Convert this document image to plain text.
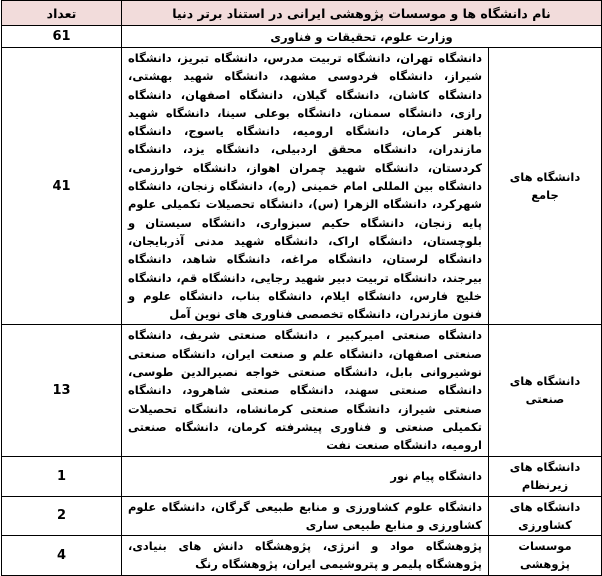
تعداد	نام دانشگاه ها و موسسات پژوهشی ایرانی در استناد برتر دنیا	
61	وزارت علوم، تحقیقات و فناوری	
41	دانشگاه تهران، دانشگاه تربیت مدرس، دانشگاه تبریز، دانشگاه شیراز، دانشگاه فردوسی مشهد، دانشگاه شهید بهشتی، دانشگاه کاشان، دانشگاه گیلان، دانشگاه اصفهان، دانشگاه رازی، دانشگاه سمنان، دانشگاه بوعلی سینا، دانشگاه شهید باهنر کرمان، دانشگاه ارومیه، دانشگاه یاسوج، دانشگاه مازندران، دانشگاه محقق اردبیلی، دانشگاه یزد، دانشگاه کردستان، دانشگاه شهید چمران اهواز، دانشگاه خوارزمی، دانشگاه بین المللی امام خمینی (ره)، دانشگاه زنجان، دانشگاه شهرکرد، دانشگاه الزهرا (س)، دانشگاه تحصیلات تکمیلی علوم پایه زنجان، دانشگاه حکیم سبزواری، دانشگاه سیستان و بلوچستان، دانشگاه اراک، دانشگاه شهید مدنی آذربایجان، دانشگاه لرستان، دانشگاه مراغه، دانشگاه شاهد، دانشگاه بیرجند، دانشگاه تربیت دبیر شهید رجایی، دانشگاه قم، دانشگاه خلیج فارس، دانشگاه ایلام، دانشگاه بناب، دانشگاه علوم و فنون مازندران، دانشگاه تخصصی فناوری های نوین آمل	دانشگاه های جامع
13	دانشگاه صنعتی امیرکبیر ، دانشگاه صنعتی شریف، دانشگاه صنعتی اصفهان، دانشگاه علم و صنعت ایران، دانشگاه صنعتی نوشیروانی بابل، دانشگاه صنعتی خواجه نصیرالدین طوسی، دانشگاه صنعتی سهند، دانشگاه صنعتی شاهرود، دانشگاه صنعتی شیراز، دانشگاه صنعتی کرمانشاه، دانشگاه تحصیلات تکمیلی صنعتی و فناوری پیشرفته کرمان، دانشگاه صنعتی ارومیه، دانشگاه صنعت نفت	دانشگاه های صنعتی
1	دانشگاه پیام نور	دانشگاه های زیرنظام
2	دانشگاه علوم کشاورزی و منابع طبیعی گرگان، دانشگاه علوم کشاورزی و منابع طبیعی ساری	دانشگاه های کشاورزی
4	پژوهشگاه مواد و انرژی، پژوهشگاه دانش های بنیادی، پژوهشگاه پلیمر و پتروشیمی ایران، پژوهشگاه رنگ	موسسات پژوهشی
